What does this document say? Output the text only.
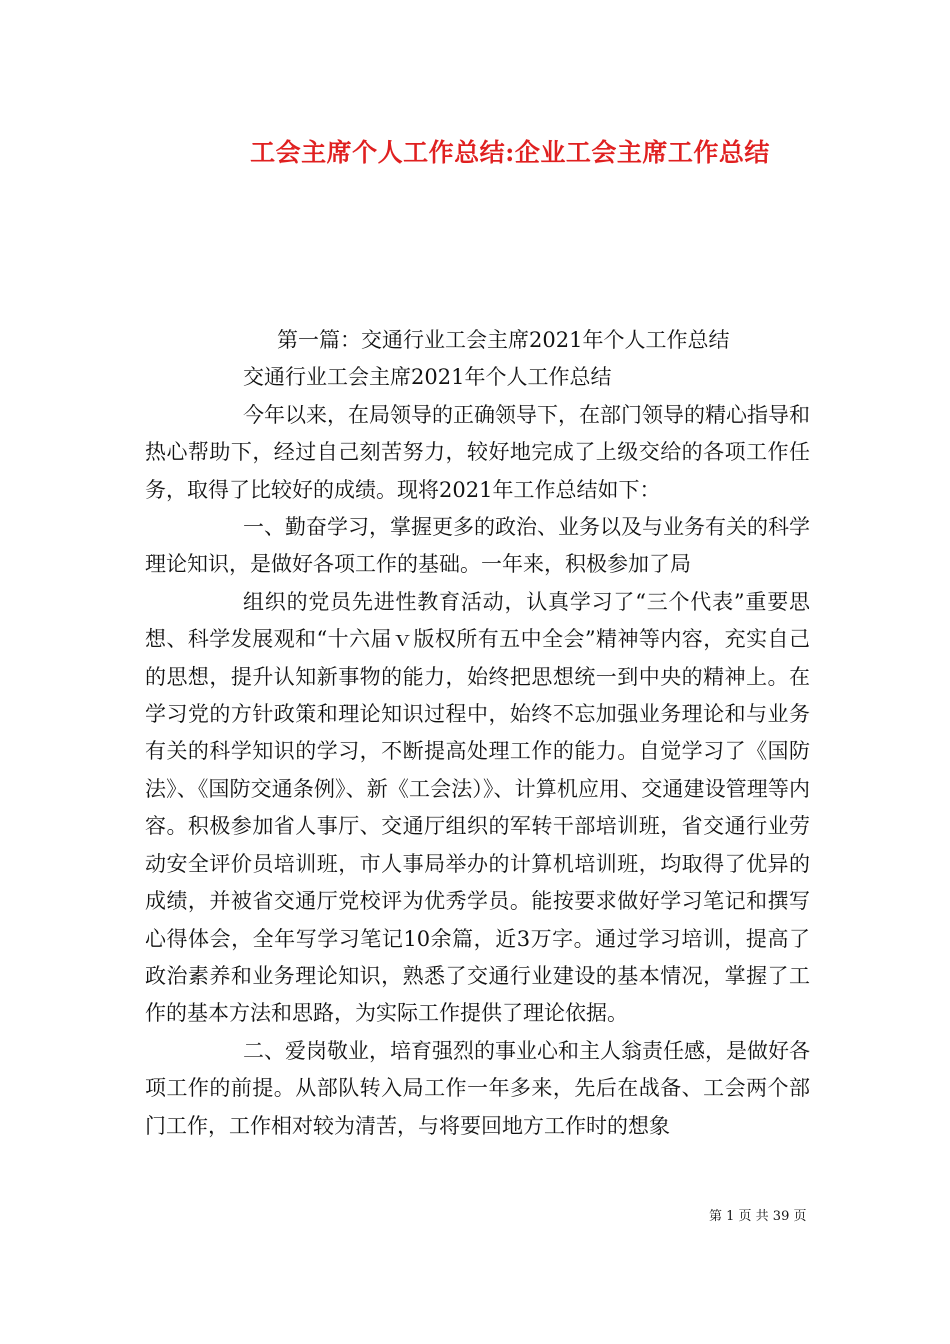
工会主席个人工作总结:企业工会主席工作总结

第一篇：交通行业工会主席2021年个人工作总结

交通行业工会主席2021年个人工作总结

今年以来，在局领导的正确领导下，在部门领导的精心指导和热心帮助下，经过自己刻苦努力，较好地完成了上级交给的各项工作任务，取得了比较好的成绩。现将2021年工作总结如下：

一、勤奋学习，掌握更多的政治、业务以及与业务有关的科学理论知识，是做好各项工作的基础。一年来，积极参加了局

组织的党员先进性教育活动，认真学习了“三个代表”重要思想、科学发展观和“十六届ｖ版权所有五中全会”精神等内容，充实自己的思想，提升认知新事物的能力，始终把思想统一到中央的精神上。在学习党的方针政策和理论知识过程中，始终不忘加强业务理论和与业务有关的科学知识的学习，不断提高处理工作的能力。自觉学习了《国防法》、《国防交通条例》、新《工会法）》、计算机应用、交通建设管理等内容。积极参加省人事厅、交通厅组织的军转干部培训班，省交通行业劳动安全评价员培训班，市人事局举办的计算机培训班，均取得了优异的成绩，并被省交通厅党校评为优秀学员。能按要求做好学习笔记和撰写心得体会，全年写学习笔记10余篇，近3万字。通过学习培训，提高了政治素养和业务理论知识，熟悉了交通行业建设的基本情况，掌握了工作的基本方法和思路，为实际工作提供了理论依据。

二、爱岗敬业，培育强烈的事业心和主人翁责任感，是做好各项工作的前提。从部队转入局工作一年多来，先后在战备、工会两个部门工作，工作相对较为清苦，与将要回地方工作时的想象

第 1 页 共 39 页
